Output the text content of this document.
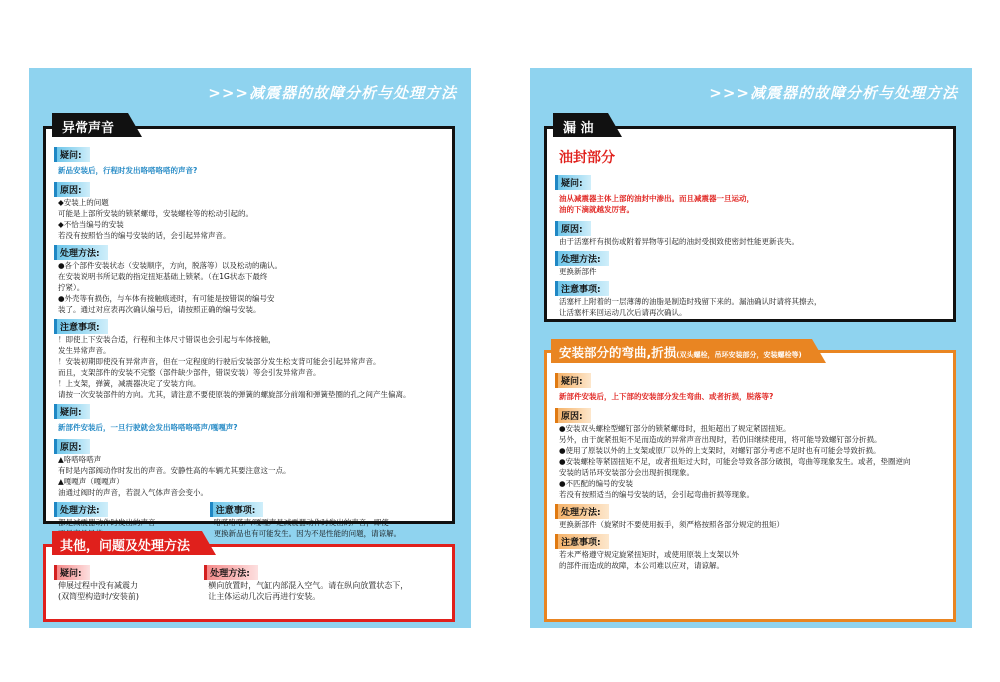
>>>减震器的故障分析与处理方法
异常声音
疑问:
新品安装后，行程时发出咯嗒咯嗒的声音?
原因:
◆安装上的问题
可能是上部所安装的锁紧螺母，安装螺栓等的松动引起的。
◆不恰当编号的安装
若没有按照恰当的编号安装的话，会引起异常声音。
处理方法:
●各个部件安装状态（安装顺序，方向，脱落等）以及松动的确认。
在安装说明书所记载的指定扭矩基础上锁紧。（在1G状态下最终
拧紧）。
●外壳等有损伤，与车体有接触痕迹时，有可能是按错误的编号安
装了。通过对应表再次确认编号后，请按照正确的编号安装。
注意事项:
！即使上下安装合适，行程和主体尺寸错误也会引起与车体接触，
发生异常声音。
！安装初期即使没有异常声音，但在一定程度的行驶后安装部分发生松支背可能会引起异常声音。
而且，支架部件的安装不完整（部件缺少部件，错误安装）等会引发异常声音。
！上支架，弹簧，减震器决定了安装方向。
请按一次安装部件的方向。尤其，请注意不要使原装的弹簧的螺旋部分前端和弹簧垫圈的孔之间产生偏离。
疑问:
新部件安装后，一旦行驶就会发出咯嗒咯嗒声/嘎嘎声?
原因:
▲咯嗒咯嗒声
有时是内部阀动作时发出的声音。安静性高的车辆尤其要注意这一点。
▲嘎嘎声（嘎嘎声）
油通过阀时的声音，若混入气体声音会变小。
处理方法:
都是减震器动作时发出的声音

注意事项:
咯嗒咯嗒声/嘎嘎声是减震器动作时发出的声音，即使
更换新品也有可能发生。因为不是性能的问题，请谅解。
其他，问题及处理方法
疑问:
伸展过程中没有减震力
(双筒型构造时/安装前)
处理方法:
横向放置时，气缸内部混入空气。请在纵向放置状态下，
让主体运动几次后再进行安装。
>>>减震器的故障分析与处理方法
漏 油
油封部分
疑问:
油从减震器主体上部的油封中渗出。而且减震器一旦运动，
油的下滴就越发厉害。
原因:
由于活塞杆有损伤或附着异物等引起的油封受损致使密封性能更新丧失。
处理方法:
更换新部件
注意事项:
活塞杆上附着的一层薄薄的油脂是制造时残留下来的。漏油确认时请将其擦去，
让活塞杆来回运动几次后请再次确认。
安装部分的弯曲,折损(双头螺栓，吊环安装部分，安装螺栓等)
疑问:
新部件安装后，上下部的安装部分发生弯曲、或者折损，脱落等?
原因:
●安装双头螺栓型螺钉部分的锁紧螺母时，扭矩超出了规定紧固扭矩。
另外，由于旋紧扭矩不足而造成的异常声音出现时，若仍旧继续使用，将可能导致螺钉部分折损。
●使用了原装以外的上支架或原厂以外的上支架时，对螺钉部分考虑不足时也有可能会导致折损。
●安装螺栓等紧固扭矩不足，或者扭矩过大时，可能会导致各部分破损，弯曲等现象发生。或者，垫圈逆向
安装的话吊环安装部分会出现折损现象。
●不匹配的编号的安装
若没有按照适当的编号安装的话，会引起弯曲折损等现象。
处理方法:
更换新部件（旋紧时不要使用扳手，须严格按照各部分规定的扭矩）
注意事项:
若未严格遵守规定旋紧扭矩时，或使用原装上支架以外
的部件而造成的故障，本公司难以应对，请谅解。
